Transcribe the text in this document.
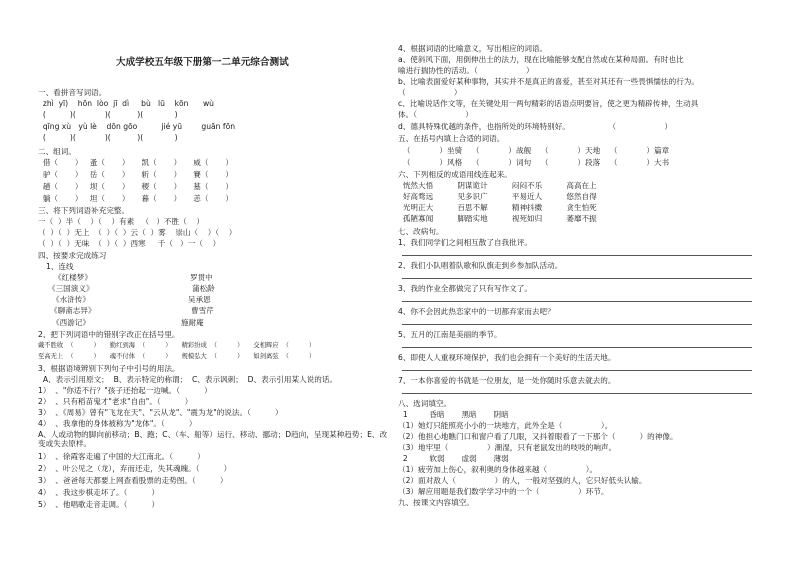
大成学校五年级下册第一二单元综合测试
一、看拼音写词语。
zhì  yī)    hōn  lòo  jī  dì     bù   lū    kōn      wù
(          )(            )(           )(             )
qīng xù   yù lè    dōn gōo          jié yū        guān fōn
(          )(            )(           )(             )
二、组词。
借（       ）   蚤（       ）     凯（       ）     威（       ）
驴（       ）   岳（       ）     斩（       ）     賽（       ）
趟（       ）   坝（       ）     稷（       ）     墓（       ）
躺（       ）   坦（       ）     暮（       ）     恙（       ）
三、将下列词语补充完整。
一（  ）半（    ）（    ）有素   （   ）不胜（    ）
（  ）（  ）无上  （  ）（  ）云（  ）雾    崇山（    ）（    ）
（  ）（  ）无味  （  ）（  ）西寒     千（   ）一（    ）
四、按要求完成练习
1、连线
《红楼梦》	罗贯中
《三国演义》	蒲松龄
《水浒传》	吴承恩
《聊斋志异》	曹雪芹
《西游记》	施耐庵
2、把下列词语中的错别字改正在括号里。
戴不胜收  （          ）     勤红到海  （          ）     精彩纷成  （          ）     交相辉应  （          ）
至高无上  （          ）     魂不付体  （          ）     规模弘大  （          ）     如剑离弦  （          ）
3、根据语境辨别下列句子中引号的用法。
A、表示引用原文；  B、表示特定的称谓；  C、表示讽刺；  D、表示引用某人说的话。
1）  、"你适不行？"孩子还抬起一边喊。（          ）
2）  、只有稻苗鬼才"老求"自由"。（          ）
3）  、《周易》曾有"飞龙在天"、"云从龙"、"震为龙"的说法。（          ）
4）  、我拿他的身体被称为"龙体"。（          ）
A、人或动物的脚向前移动；B、跑；C、（车、船等）运行、移动、挪动；D趋向，呈现某种趋势；E、改变或失去原样。
1）  、徐霞客走遍了中国的大江南北。（          ）
2）  、叶公见之（龙），弃而还走，失其魂魄。（          ）
3）  、爸爸每天都要上网查看股票的走势图。（          ）
4）  、我这步棋走坏了。（          ）
5）  、他唱歌走音走调。（          ）
4、根据词语的比喻意义，写出相应的词语。
a、使斜风下面，用倒伸出士的法力，现在比喻能够支配自然或在某种局面。有时也比
喻进行揣协性的活动。（                    ）
b、比喻表面爱好某种事物，其实并不是真正的喜爱，甚至对其还有一些畏惧懦怯的行为。
（                    ）
c、比喻说话作文等，在关键处用一两句精彩的话语点明要旨，使之更为精辟传神，生动具
体。（                    ）
d、德具特殊优越的条件，也指所处的环境特别好。                （                    ）
五、在括号内填上合适的词语。
（            ）坐骑    （            ）战舰    （            ）天地    （            ）篇章
（            ）风格    （            ）词句    （            ）段落    （            ）大书
六、下列相反的成语用线连起来。
恍然大悟          阴谋诡计          闷闷不乐          高高在上
好高骛远          见多识广          平易近人          悠然自得
光明正大          百思不解          精神抖擞          贪生怕死
孤陋寡闻          脚踏实地          视死如归          萎靡不振
七、改病句。
1、我们同学们之间相互散了自我批评。
2、我们小队唱着队歌和队旗走到乡参加队活动。
3、我的作业全都做完了只有写作文了。
4、你不会因此热恋家中的一切都弃家而去吧？
5、五月的江南是美丽的季节。
6、即使人人重视环境保护，我们也会拥有一个美好的生活天地。
7、一本你喜爱的书就是一位朋友，是一处你随时乐意去就去的。
八、选词填空。
1         昏暗       黑暗       阴暗
（1）她灯只能照亮小小的一块地方，此外全是（                ）。
（2）他担心地瞧门口和窗户看了几眼，又抖着眼看了一下那个（          ）的神像。
（3）地牢里（                ）潮湿，只有老鼠发出的吱吱的响声。
2         软弱       虚弱       薄弱
（1）疲劳加上伤心，叙利奥的身体越来越（                ）。
（2）面对敌人（                ）的人，一般对坚强的人，它只好低头认输。
（3）解应用题是我们数学学习中的一个（                ）环节。
九、按课文内容填空。
